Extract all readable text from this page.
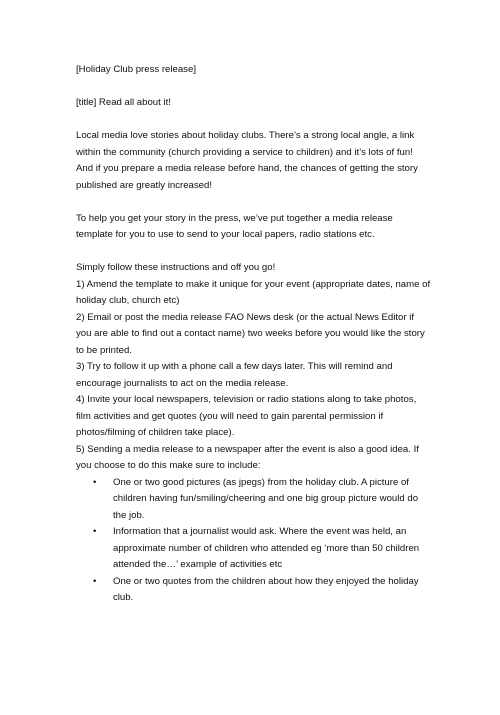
[Holiday Club press release]

[title] Read all about it!

Local media love stories about holiday clubs. There’s a strong local angle, a link within the community (church providing a service to children) and it’s lots of fun! And if you prepare a media release before hand, the chances of getting the story published are greatly increased!

To help you get your story in the press, we’ve put together a media release template for you to use to send to your local papers, radio stations etc.

Simply follow these instructions and off you go!

1) Amend the template to make it unique for your event (appropriate dates, name of holiday club, church etc)

2) Email or post the media release FAO News desk (or the actual News Editor if you are able to find out a contact name) two weeks before you would like the story to be printed.

3) Try to follow it up with a phone call a few days later. This will remind and encourage journalists to act on the media release.

4) Invite your local newspapers, television or radio stations along to take photos, film activities and get quotes (you will need to gain parental permission if photos/filming of children take place).

5) Sending a media release to a newspaper after the event is also a good idea. If you choose to do this make sure to include:

• One or two good pictures (as jpegs) from the holiday club. A picture of children having fun/smiling/cheering and one big group picture would do the job.
• Information that a journalist would ask. Where the event was held, an approximate number of children who attended eg ‘more than 50 children attended the…’ example of activities etc
• One or two quotes from the children about how they enjoyed the holiday club.
